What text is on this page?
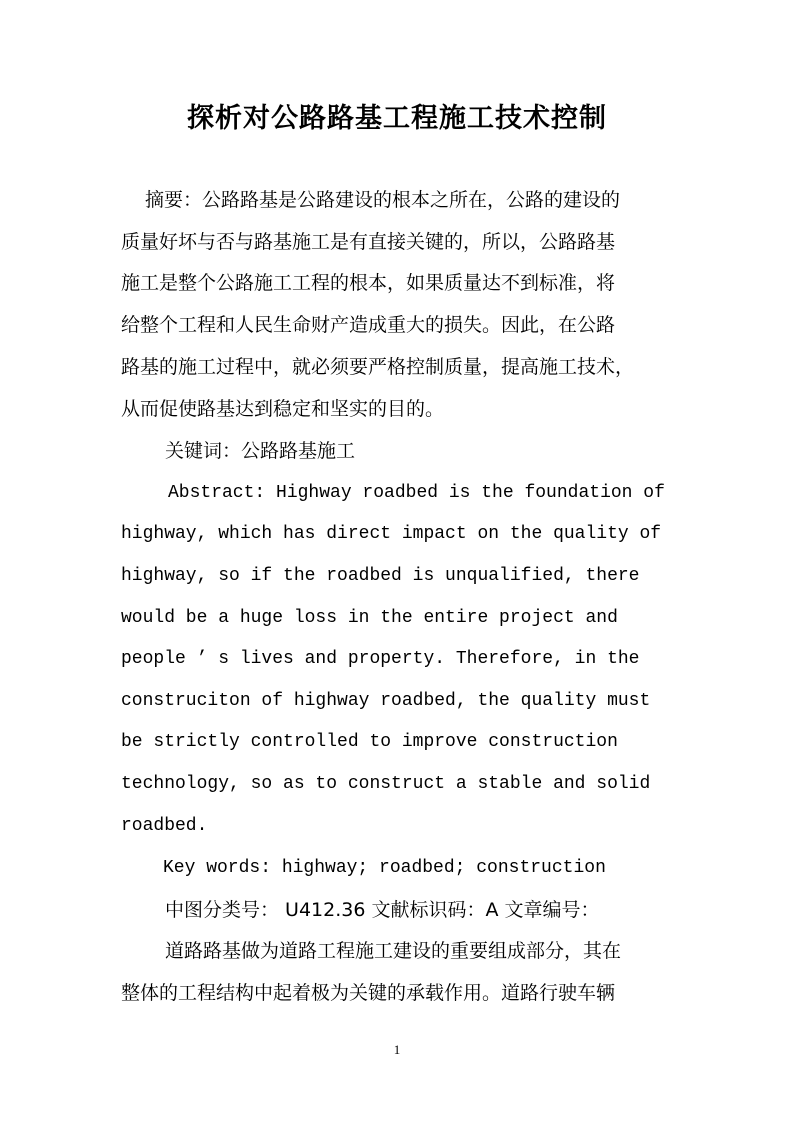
探析对公路路基工程施工技术控制
摘要：公路路基是公路建设的根本之所在，公路的建设的
质量好坏与否与路基施工是有直接关键的，所以，公路路基
施工是整个公路施工工程的根本，如果质量达不到标准，将
给整个工程和人民生命财产造成重大的损失。因此，在公路
路基的施工过程中，就必须要严格控制质量，提高施工技术，
从而促使路基达到稳定和坚实的目的。
关键词：公路路基施工
Abstract: Highway roadbed is the foundation of
highway, which has direct impact on the quality of
highway, so if the roadbed is unqualified, there
would be a huge loss in the entire project and
people ’ s lives and property. Therefore, in the
construciton of highway roadbed, the quality must
be strictly controlled to improve construction
technology, so as to construct a stable and solid
roadbed.
Key words: highway; roadbed; construction
中图分类号： U412.36 文献标识码：A 文章编号：
道路路基做为道路工程施工建设的重要组成部分，其在
整体的工程结构中起着极为关键的承载作用。道路行驶车辆
1
